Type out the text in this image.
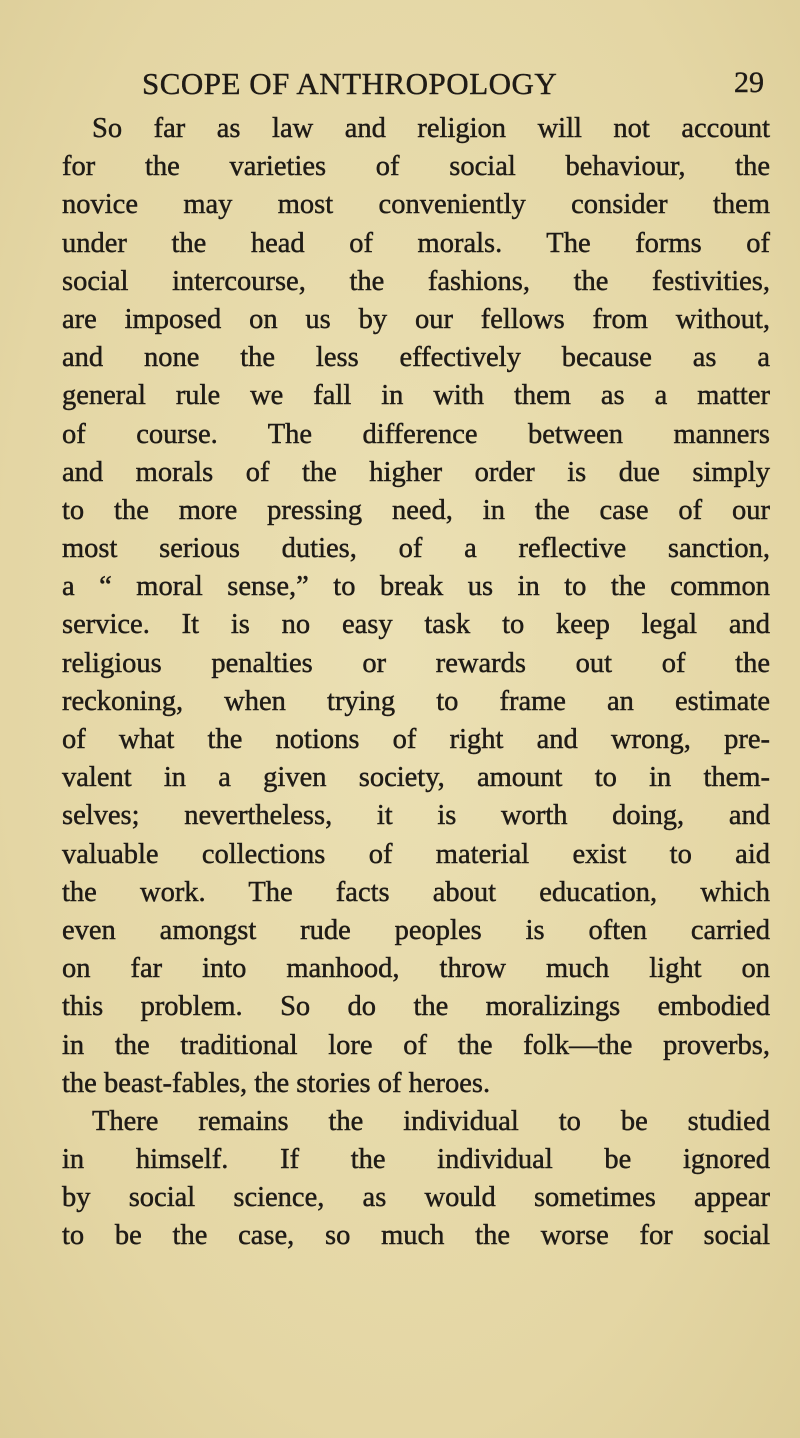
SCOPE OF ANTHROPOLOGY	29
So far as law and religion will not account
for the varieties of social behaviour, the
novice may most conveniently consider them
under the head of morals. The forms of
social intercourse, the fashions, the festivities,
are imposed on us by our fellows from without,
and none the less effectively because as a
general rule we fall in with them as a matter
of course. The difference between manners
and morals of the higher order is due simply
to the more pressing need, in the case of our
most serious duties, of a reflective sanction,
a “ moral sense,” to break us in to the common
service. It is no easy task to keep legal and
religious penalties or rewards out of the
reckoning, when trying to frame an estimate
of what the notions of right and wrong, pre-
valent in a given society, amount to in them-
selves; nevertheless, it is worth doing, and
valuable collections of material exist to aid
the work. The facts about education, which
even amongst rude peoples is often carried
on far into manhood, throw much light on
this problem. So do the moralizings embodied
in the traditional lore of the folk—the proverbs,
the beast-fables, the stories of heroes.
There remains the individual to be studied
in himself. If the individual be ignored
by social science, as would sometimes appear
to be the case, so much the worse for social
